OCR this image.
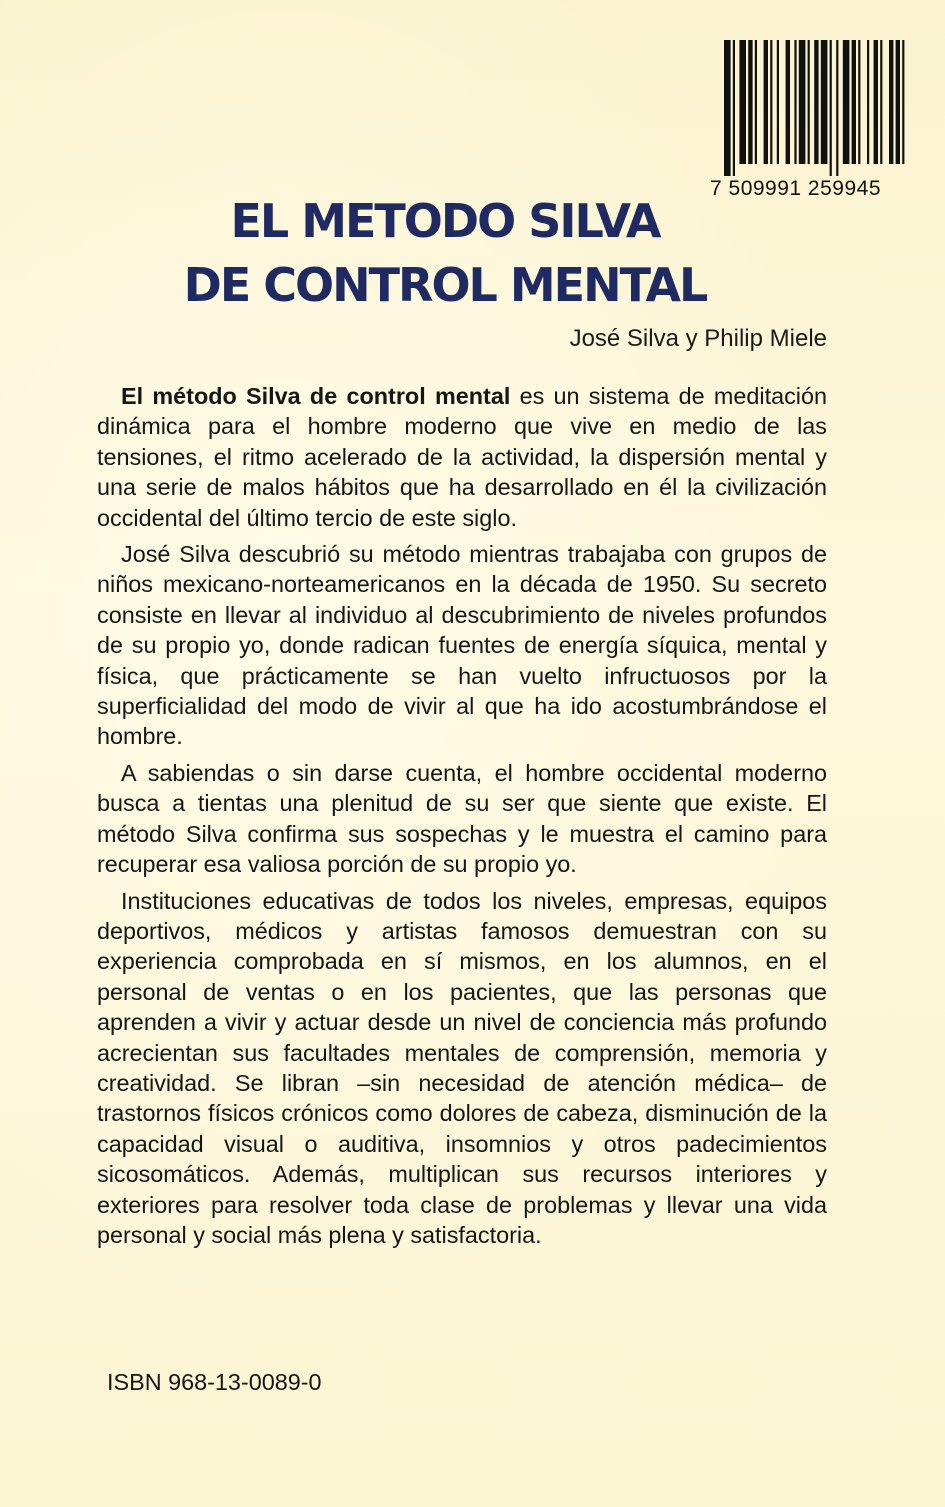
7 509991 259945
EL METODO SILVA
DE CONTROL MENTAL
José Silva y Philip Miele

El método Silva de control mental es un sistema de meditación dinámica para el hombre moderno que vive en medio de las tensiones, el ritmo acelerado de la actividad, la dispersión mental y una serie de malos hábitos que ha desarrollado en él la civilización occidental del último tercio de este siglo.

José Silva descubrió su método mientras trabajaba con grupos de niños mexicano-norteamericanos en la década de 1950. Su secreto consiste en llevar al individuo al descubrimiento de niveles profundos de su propio yo, donde radican fuentes de energía síquica, mental y física, que prácticamente se han vuelto infructuosos por la superficialidad del modo de vivir al que ha ido acostumbrándose el hombre.

A sabiendas o sin darse cuenta, el hombre occidental moderno busca a tientas una plenitud de su ser que siente que existe. El método Silva confirma sus sospechas y le muestra el camino para recuperar esa valiosa porción de su propio yo.

Instituciones educativas de todos los niveles, empresas, equipos deportivos, médicos y artistas famosos demuestran con su experiencia comprobada en sí mismos, en los alumnos, en el personal de ventas o en los pacientes, que las personas que aprenden a vivir y actuar desde un nivel de conciencia más profundo acrecientan sus facultades mentales de comprensión, memoria y creatividad. Se libran –sin necesidad de atención médica– de trastornos físicos crónicos como dolores de cabeza, disminución de la capacidad visual o auditiva, insomnios y otros padecimientos sicosomáticos. Además, multiplican sus recursos interiores y exteriores para resolver toda clase de problemas y llevar una vida personal y social más plena y satisfactoria.

ISBN 968-13-0089-0
